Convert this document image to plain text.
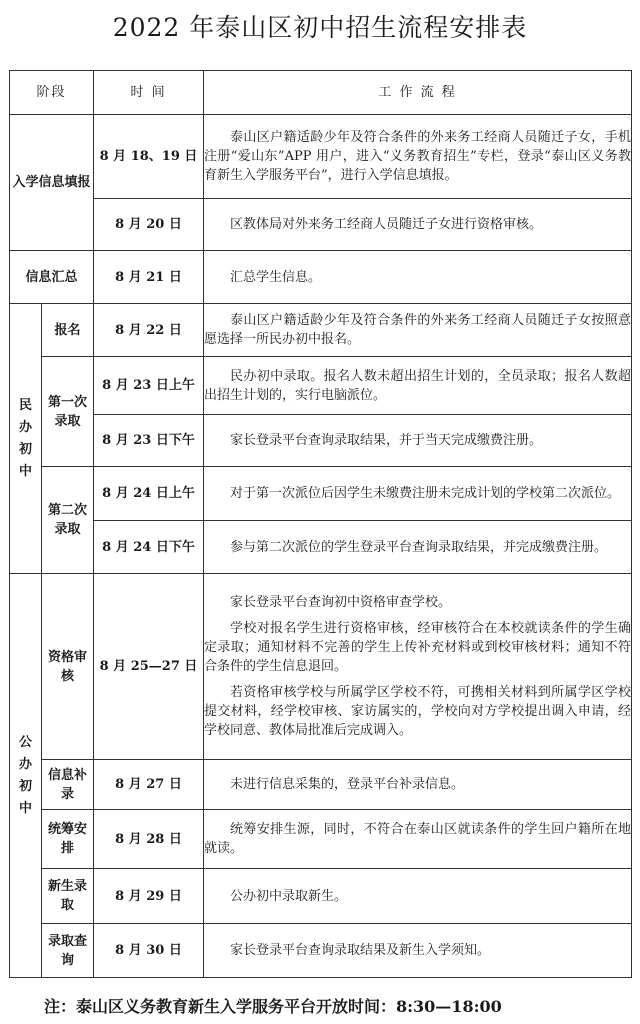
2022 年泰山区初中招生流程安排表
阶段		时 间	工 作 流 程
入学信息填报		8 月 18、19 日	泰山区户籍适龄少年及符合条件的外来务工经商人员随迁子女，手机注册“爱山东”APP 用户，进入“义务教育招生”专栏，登录“泰山区义务教育新生入学服务平台”，进行入学信息填报。

		8 月 20 日	区教体局对外来务工经商人员随迁子女进行资格审核。

信息汇总		8 月 21 日	汇总学生信息。

民办初中	报名	8 月 22 日	泰山区户籍适龄少年及符合条件的外来务工经商人员随迁子女按照意愿选择一所民办初中报名。

	第一次录取	8 月 23 日上午	民办初中录取。报名人数未超出招生计划的，全员录取；报名人数超出招生计划的，实行电脑派位。

		8 月 23 日下午	家长登录平台查询录取结果，并于当天完成缴费注册。

	第二次录取	8 月 24 日上午	对于第一次派位后因学生未缴费注册未完成计划的学校第二次派位。

		8 月 24 日下午	参与第二次派位的学生登录平台查询录取结果，并完成缴费注册。

公办初中	资格审核	8 月 25—27 日	家长登录平台查询初中资格审查学校。

学校对报名学生进行资格审核，经审核符合在本校就读条件的学生确定录取；通知材料不完善的学生上传补充材料或到校审核材料；通知不符合条件的学生信息退回。

若资格审核学校与所属学区学校不符，可携相关材料到所属学区学校提交材料，经学校审核、家访属实的，学校向对方学校提出调入申请，经学校同意、教体局批准后完成调入。

	信息补录	8 月 27 日	未进行信息采集的，登录平台补录信息。

	统筹安排	8 月 28 日	统筹安排生源，同时，不符合在泰山区就读条件的学生回户籍所在地就读。

	新生录取	8 月 29 日	公办初中录取新生。

	录取查询	8 月 30 日	家长登录平台查询录取结果及新生入学须知。

注：泰山区义务教育新生入学服务平台开放时间：8:30—18:00
